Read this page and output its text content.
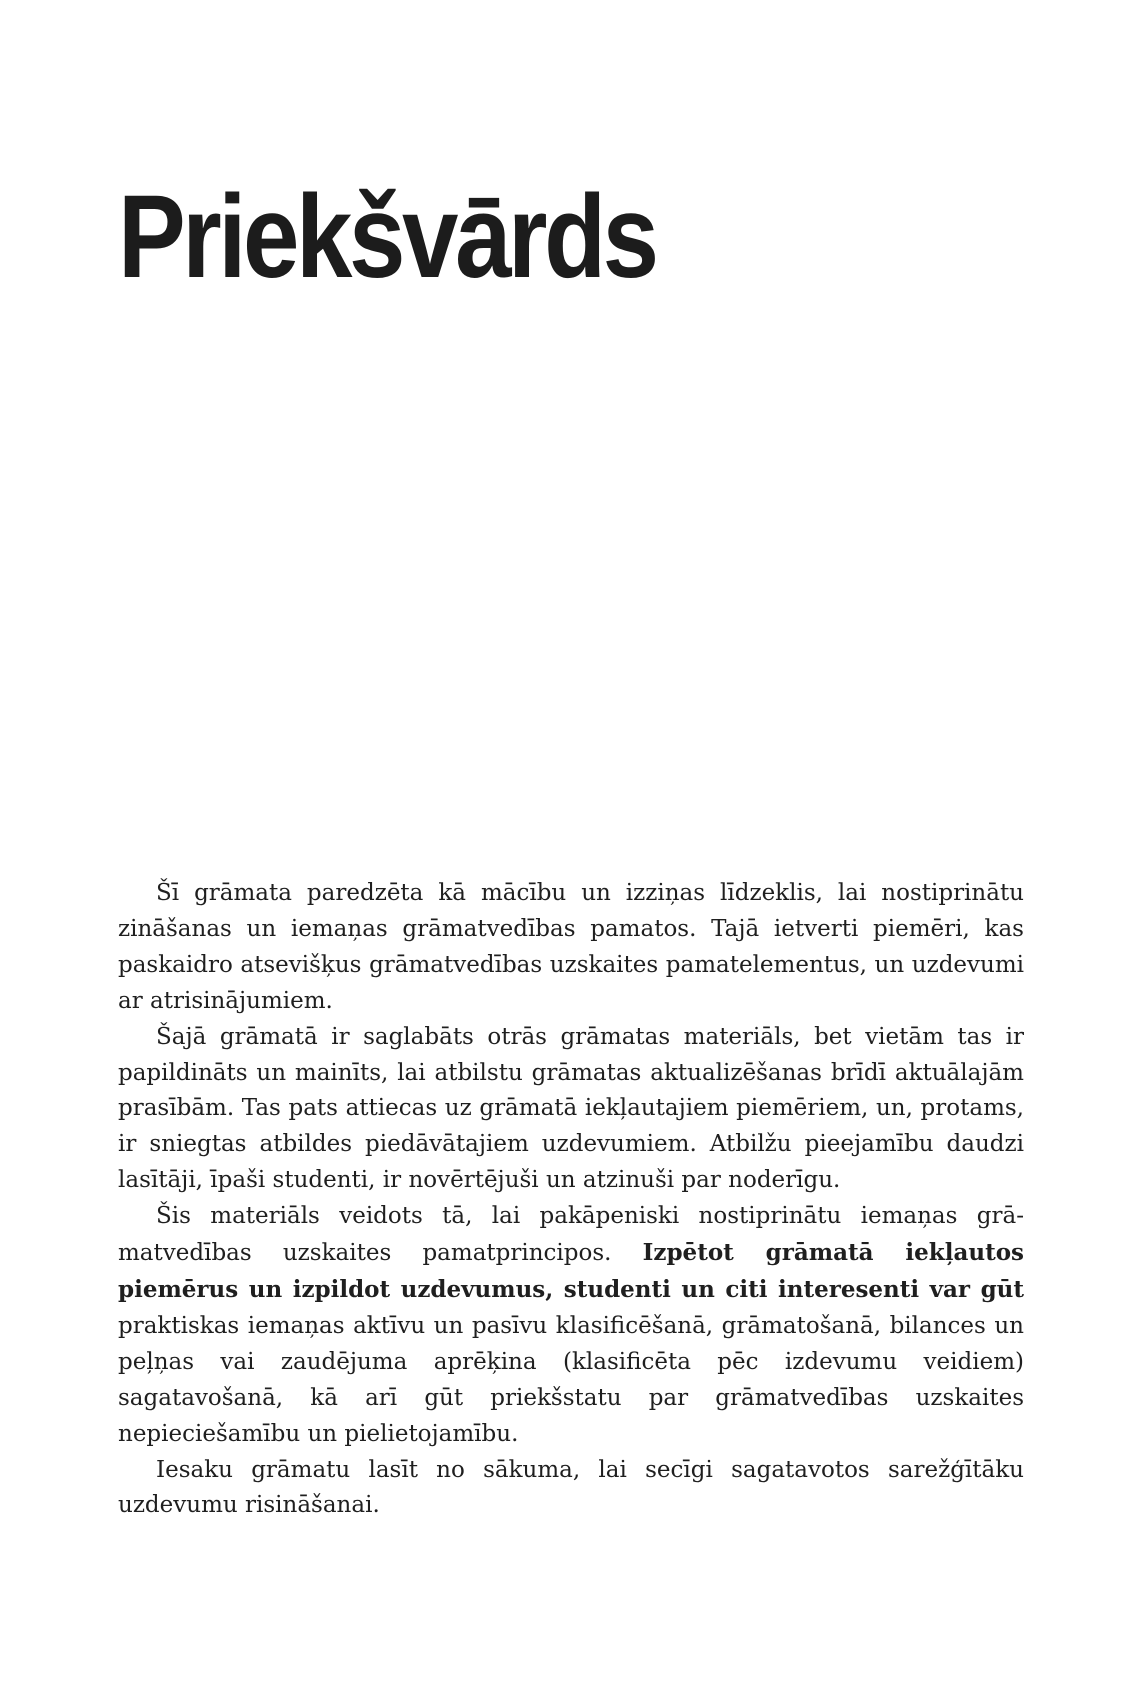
Priekšvārds

Šī grāmata paredzēta kā mācību un izziņas līdzeklis, lai nostiprinātu zināšanas un iemaņas grāmatvedības pamatos. Tajā ietverti piemēri, kas paskaidro atsevišķus grāmatvedības uzskaites pamatelementus, un uzdevumi ar atrisinājumiem.

Šajā grāmatā ir saglabāts otrās grāmatas materiāls, bet vietām tas ir papildināts un mainīts, lai atbilstu grāmatas aktualizēšanas brīdī aktuālajām prasībām. Tas pats attiecas uz grāmatā iekļautajiem piemēriem, un, protams, ir sniegtas atbildes piedāvātajiem uzdevumiem. Atbilžu pieejamību daudzi lasītāji, īpaši studenti, ir novērtējuši un atzinuši par noderīgu.

Šis materiāls veidots tā, lai pakāpeniski nostiprinātu iemaņas grāmatvedības uzskaites pamatprincipos. Izpētot grāmatā iekļautos piemērus un izpildot uzdevumus, studenti un citi interesenti var gūt praktiskas iemaņas aktīvu un pasīvu klasificēšanā, grāmatošanā, bilances un peļņas vai zaudējuma aprēķina (klasificēta pēc izdevumu veidiem) sagatavošanā, kā arī gūt priekšstatu par grāmatvedības uzskaites nepieciešamību un pielietojamību.

Iesaku grāmatu lasīt no sākuma, lai secīgi sagatavotos sarežģītāku uzdevumu risināšanai.
